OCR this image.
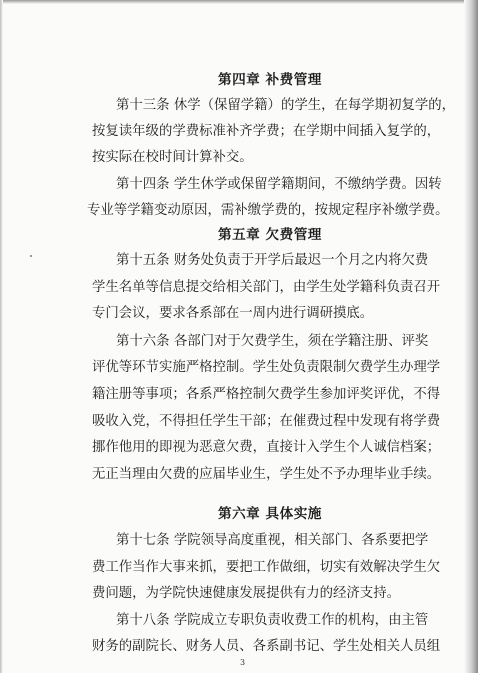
第四章 补费管理
第十三条 休学（保留学籍）的学生，在每学期初复学的，
按复读年级的学费标准补齐学费；在学期中间插入复学的，
按实际在校时间计算补交。
第十四条 学生休学或保留学籍期间，不缴纳学费。因转
专业等学籍变动原因，需补缴学费的，按规定程序补缴学费。
第五章 欠费管理
第十五条 财务处负责于开学后最迟一个月之内将欠费
学生名单等信息提交给相关部门，由学生处学籍科负责召开
专门会议，要求各系部在一周内进行调研摸底。
第十六条 各部门对于欠费学生，须在学籍注册、评奖
评优等环节实施严格控制。学生处负责限制欠费学生办理学
籍注册等事项；各系严格控制欠费学生参加评奖评优，不得
吸收入党，不得担任学生干部；在催费过程中发现有将学费
挪作他用的即视为恶意欠费，直接计入学生个人诚信档案；
无正当理由欠费的应届毕业生，学生处不予办理毕业手续。
第六章 具体实施
第十七条 学院领导高度重视，相关部门、各系要把学
费工作当作大事来抓，要把工作做细，切实有效解决学生欠
费问题，为学院快速健康发展提供有力的经济支持。
第十八条 学院成立专职负责收费工作的机构，由主管
财务的副院长、财务人员、各系副书记、学生处相关人员组
3
